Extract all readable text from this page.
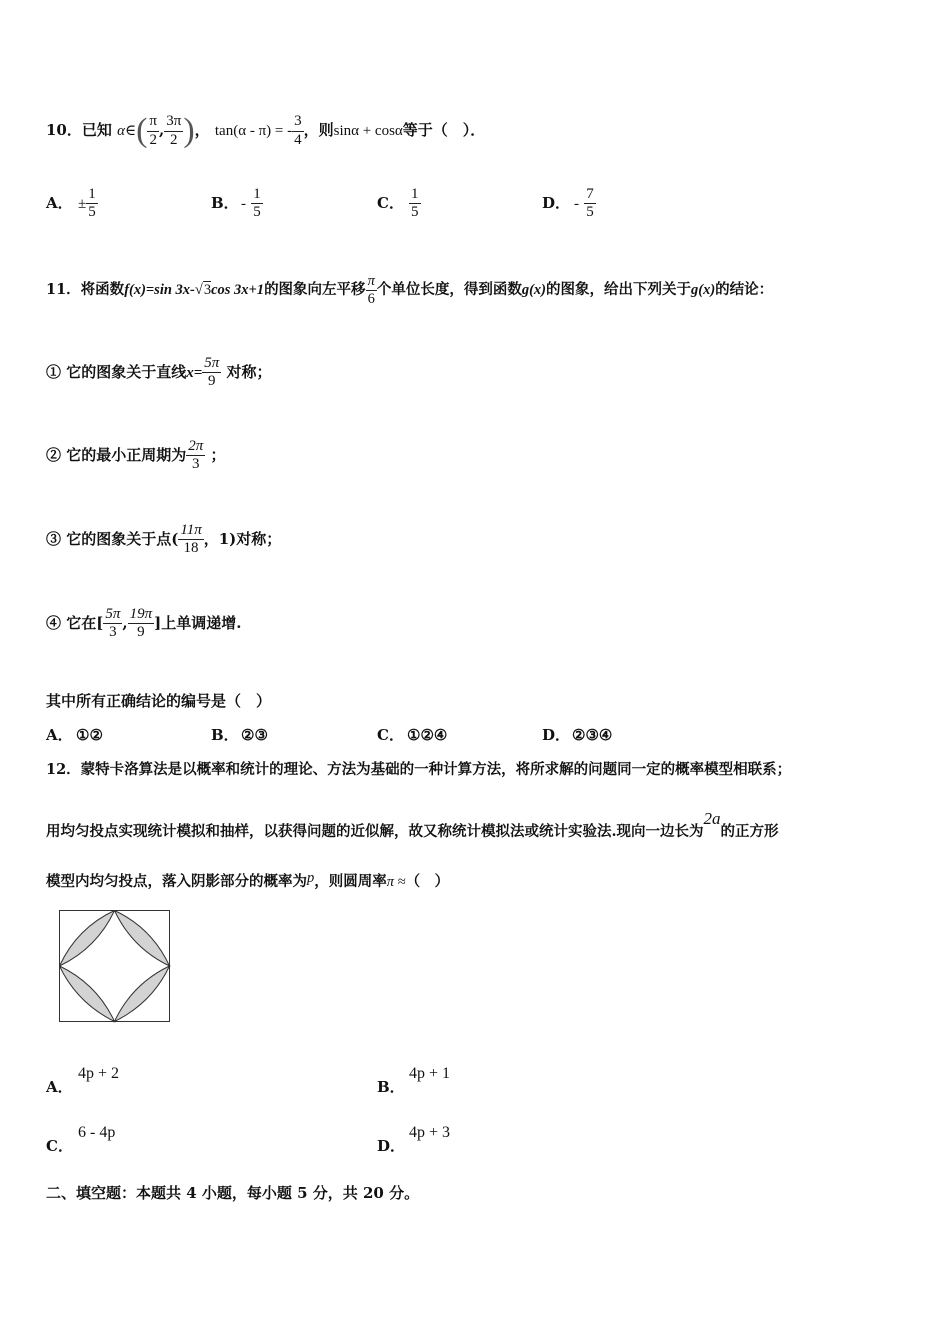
10．已知 α∈( $\frac{\pi}{2}$ , $\frac{3\pi}{2}$ )， tan(α - π) = - $\frac{3}{4}$ ，则sinα + cosα等于（　）．
A． ± $\frac{1}{5}$	B． - $\frac{1}{5}$	C． $\frac{1}{5}$	D． - $\frac{7}{5}$
11．将函数f(x)=sin 3x-√3cos 3x+1的图象向左平移 $\frac{\pi}{6}$ 个单位长度，得到函数g(x)的图象，给出下列关于g(x)的结论：
① 它的图象关于直线$x= \frac{5\pi}{9}$ 对称；
② 它的最小正周期为 $\frac{2\pi}{3}$ ；
③ 它的图象关于点( $\frac{11\pi}{18}$ ，1)对称；
④ 它在[ $\frac{5\pi}{3}$ , $\frac{19\pi}{9}$ ]上单调递增.
其中所有正确结论的编号是（　）
A． ①②	B． ②③	C． ①②④	D． ②③④
12．蒙特卡洛算法是以概率和统计的理论、方法为基础的一种计算方法，将所求解的问题同一定的概率模型相联系；
用均匀投点实现统计模拟和抽样，以获得问题的近似解，故又称统计模拟法或统计实验法.现向一边长为2a的正方形
模型内均匀投点，落入阴影部分的概率为p，则圆周率π ≈（　）
A．4p + 2
B．4p + 1
C．6 - 4p
D．4p + 3
二、填空题：本题共 4 小题，每小题 5 分，共 20 分。
